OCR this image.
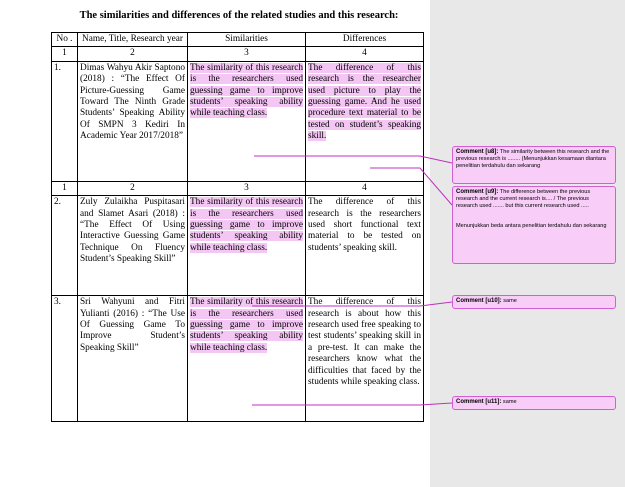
The similarities and differences of the related studies and this research:
No .	Name, Title, Research year	Similarities	Differences
1	2	3	4
1.	Dimas Wahyu Akir Saptono (2018) : “The Effect Of Picture-Guessing Game Toward The Ninth Grade Students’ Speaking Ability Of SMPN 3 Kediri In Academic Year 2017/2018”	The similarity of this research is the researchers used guessing game to improve students’ speaking ability while teaching class.	The difference of this research is the researcher used picture to play the guessing game. And he used procedure text material to be tested on student’s speaking skill.
1	2	3	4
2.	Zuly Zulaikha Puspitasari and Slamet Asari (2018) : “The Effect Of Using Interactive Guessing Game Technique On Fluency Student’s Speaking Skill”	The similarity of this research is the researchers used guessing game to improve students’ speaking ability while teaching class.	The difference of this research is the researchers used short functional text material to be tested on students’ speaking skill.
3.	Sri Wahyuni and Fitri Yulianti (2016) : “The Use Of Guessing Game To Improve Student’s Speaking Skill”	The similarity of this research is the researchers used guessing game to improve students’ speaking ability while teaching class.	The difference of this research is about how this research used free speaking to test students’ speaking skill in a pre-test. It can make the researchers know what the difficulties that faced by the students while speaking class.
Comment [u8]: The similarity between this research and the previous research is ........ (Menunjukkan kesamaan diantara penelitian terdahulu dan sekarang
Comment [u9]: The difference between the previous research and the current research is.... / The previous research used ....... but this current research used .....
Menunjukkan beda antara penelitian terdahulu dan sekarang
Comment [u10]: same
Comment [u11]: same
